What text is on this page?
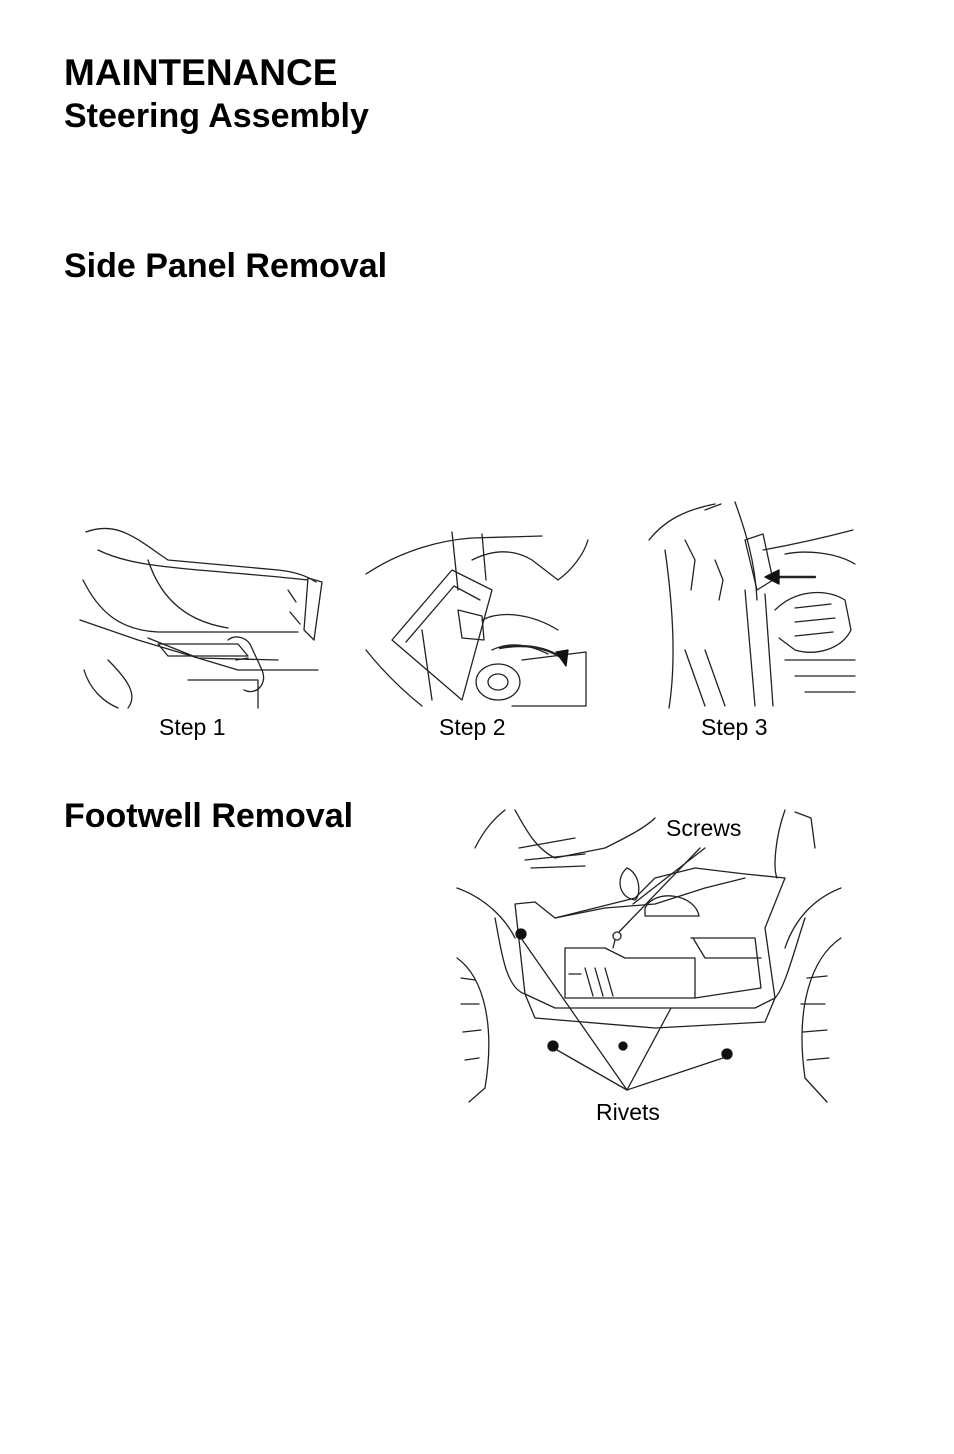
MAINTENANCE
Steering Assembly
Side Panel Removal
Step 1	Step 2	Step 3
Footwell Removal	Screws
Rivets
